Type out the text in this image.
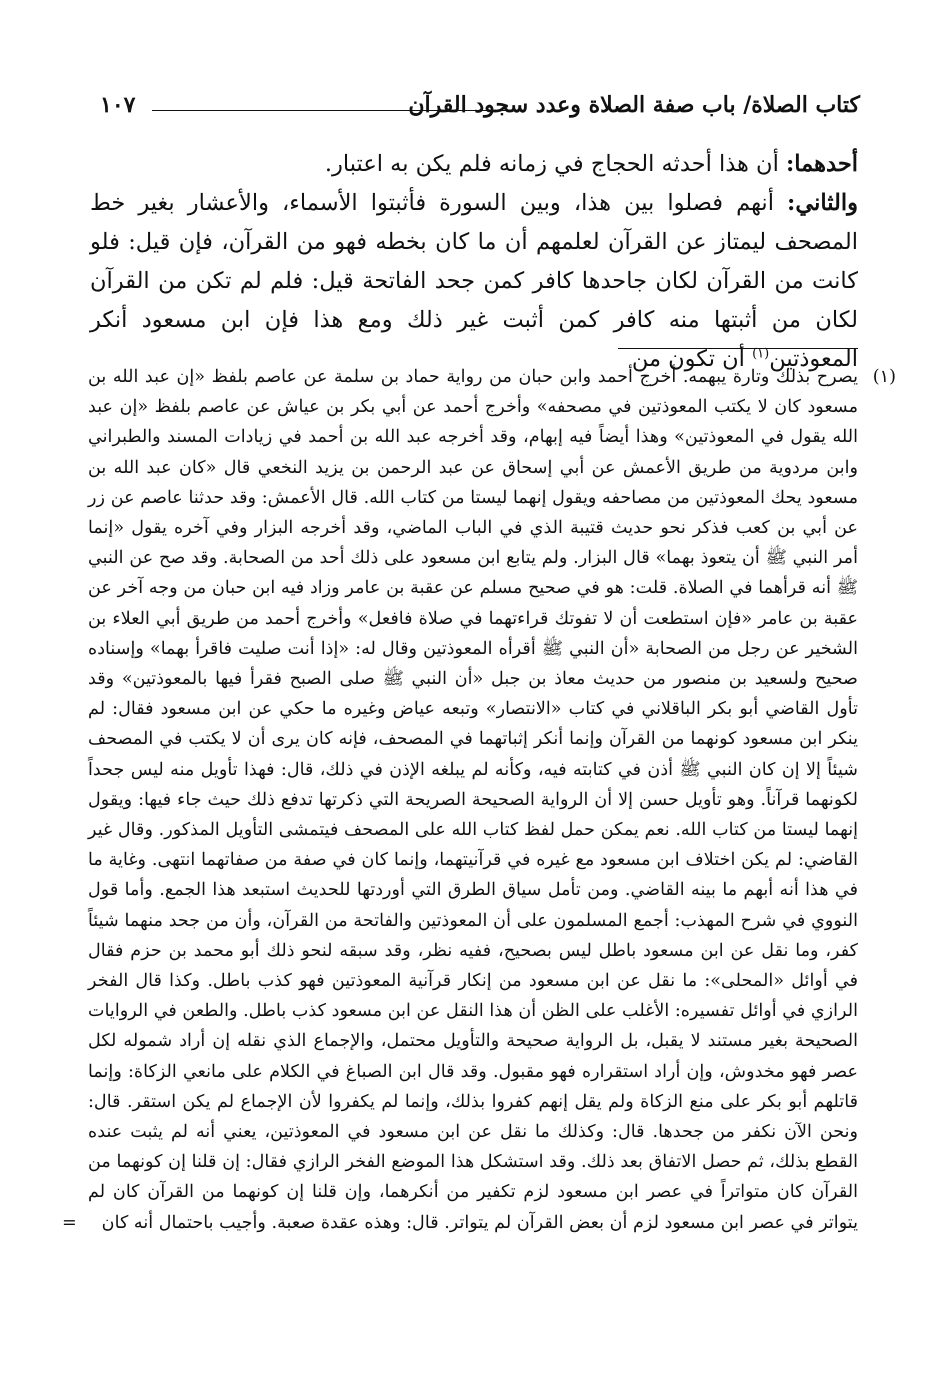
كتاب الصلاة/ باب صفة الصلاة وعدد سجود القرآن
١٠٧

أحدهما: أن هذا أحدثه الحجاج في زمانه فلم يكن به اعتبار.

والثاني: أنهم فصلوا بين هذا، وبين السورة فأثبتوا الأسماء، والأعشار بغير خط المصحف ليمتاز عن القرآن لعلمهم أن ما كان بخطه فهو من القرآن، فإن قيل: فلو كانت من القرآن لكان جاحدها كافر كمن جحد الفاتحة قيل: فلم لم تكن من القرآن لكان من أثبتها منه كافر كمن أثبت غير ذلك ومع هذا فإن ابن مسعود أنكر المعوذتين$^{(١)}$ أن تكون من

(١)

يصرح بذلك وتارة يبهمه. أخرج أحمد وابن حبان من رواية حماد بن سلمة عن عاصم بلفظ «إن عبد الله بن مسعود كان لا يكتب المعوذتين في مصحفه» وأخرج أحمد عن أبي بكر بن عياش عن عاصم بلفظ «إن عبد الله يقول في المعوذتين» وهذا أيضاً فيه إبهام، وقد أخرجه عبد الله بن أحمد في زيادات المسند والطبراني وابن مردوية من طريق الأعمش عن أبي إسحاق عن عبد الرحمن بن يزيد النخعي قال «كان عبد الله بن مسعود يحك المعوذتين من مصاحفه ويقول إنهما ليستا من كتاب الله. قال الأعمش: وقد حدثنا عاصم عن زر عن أبي بن كعب فذكر نحو حديث قتيبة الذي في الباب الماضي، وقد أخرجه البزار وفي آخره يقول «إنما أمر النبي ﷺ أن يتعوذ بهما» قال البزار. ولم يتابع ابن مسعود على ذلك أحد من الصحابة. وقد صح عن النبي ﷺ أنه قرأهما في الصلاة. قلت: هو في صحيح مسلم عن عقبة بن عامر وزاد فيه ابن حبان من وجه آخر عن عقبة بن عامر «فإن استطعت أن لا تفوتك قراءتهما في صلاة فافعل» وأخرج أحمد من طريق أبي العلاء بن الشخير عن رجل من الصحابة «أن النبي ﷺ أقرأه المعوذتين وقال له: «إذا أنت صليت فاقرأ بهما» وإسناده صحيح ولسعيد بن منصور من حديث معاذ بن جبل «أن النبي ﷺ صلى الصبح فقرأ فيها بالمعوذتين» وقد تأول القاضي أبو بكر الباقلاني في كتاب «الانتصار» وتبعه عياض وغيره ما حكي عن ابن مسعود فقال: لم ينكر ابن مسعود كونهما من القرآن وإنما أنكر إثباتهما في المصحف، فإنه كان يرى أن لا يكتب في المصحف شيئاً إلا إن كان النبي ﷺ أذن في كتابته فيه، وكأنه لم يبلغه الإذن في ذلك، قال: فهذا تأويل منه ليس جحداً لكونهما قرآناً. وهو تأويل حسن إلا أن الرواية الصحيحة الصريحة التي ذكرتها تدفع ذلك حيث جاء فيها: ويقول إنهما ليستا من كتاب الله. نعم يمكن حمل لفظ كتاب الله على المصحف فيتمشى التأويل المذكور. وقال غير القاضي: لم يكن اختلاف ابن مسعود مع غيره في قرآنيتهما، وإنما كان في صفة من صفاتهما انتهى. وغاية ما في هذا أنه أبهم ما بينه القاضي. ومن تأمل سياق الطرق التي أوردتها للحديث استبعد هذا الجمع. وأما قول النووي في شرح المهذب: أجمع المسلمون على أن المعوذتين والفاتحة من القرآن، وأن من جحد منهما شيئاً كفر، وما نقل عن ابن مسعود باطل ليس بصحيح، ففيه نظر، وقد سبقه لنحو ذلك أبو محمد بن حزم فقال في أوائل «المحلى»: ما نقل عن ابن مسعود من إنكار قرآنية المعوذتين فهو كذب باطل. وكذا قال الفخر الرازي في أوائل تفسيره: الأغلب على الظن أن هذا النقل عن ابن مسعود كذب باطل. والطعن في الروايات الصحيحة بغير مستند لا يقبل، بل الرواية صحيحة والتأويل محتمل، والإجماع الذي نقله إن أراد شموله لكل عصر فهو مخدوش، وإن أراد استقراره فهو مقبول. وقد قال ابن الصباغ في الكلام على مانعي الزكاة: وإنما قاتلهم أبو بكر على منع الزكاة ولم يقل إنهم كفروا بذلك، وإنما لم يكفروا لأن الإجماع لم يكن استقر. قال: ونحن الآن نكفر من جحدها. قال: وكذلك ما نقل عن ابن مسعود في المعوذتين، يعني أنه لم يثبت عنده القطع بذلك، ثم حصل الاتفاق بعد ذلك. وقد استشكل هذا الموضع الفخر الرازي فقال: إن قلنا إن كونهما من القرآن كان متواتراً في عصر ابن مسعود لزم تكفير من أنكرهما، وإن قلنا إن كونهما من القرآن كان لم يتواتر في عصر ابن مسعود لزم أن بعض القرآن لم يتواتر. قال: وهذه عقدة صعبة. وأجيب باحتمال أنه كان

=
